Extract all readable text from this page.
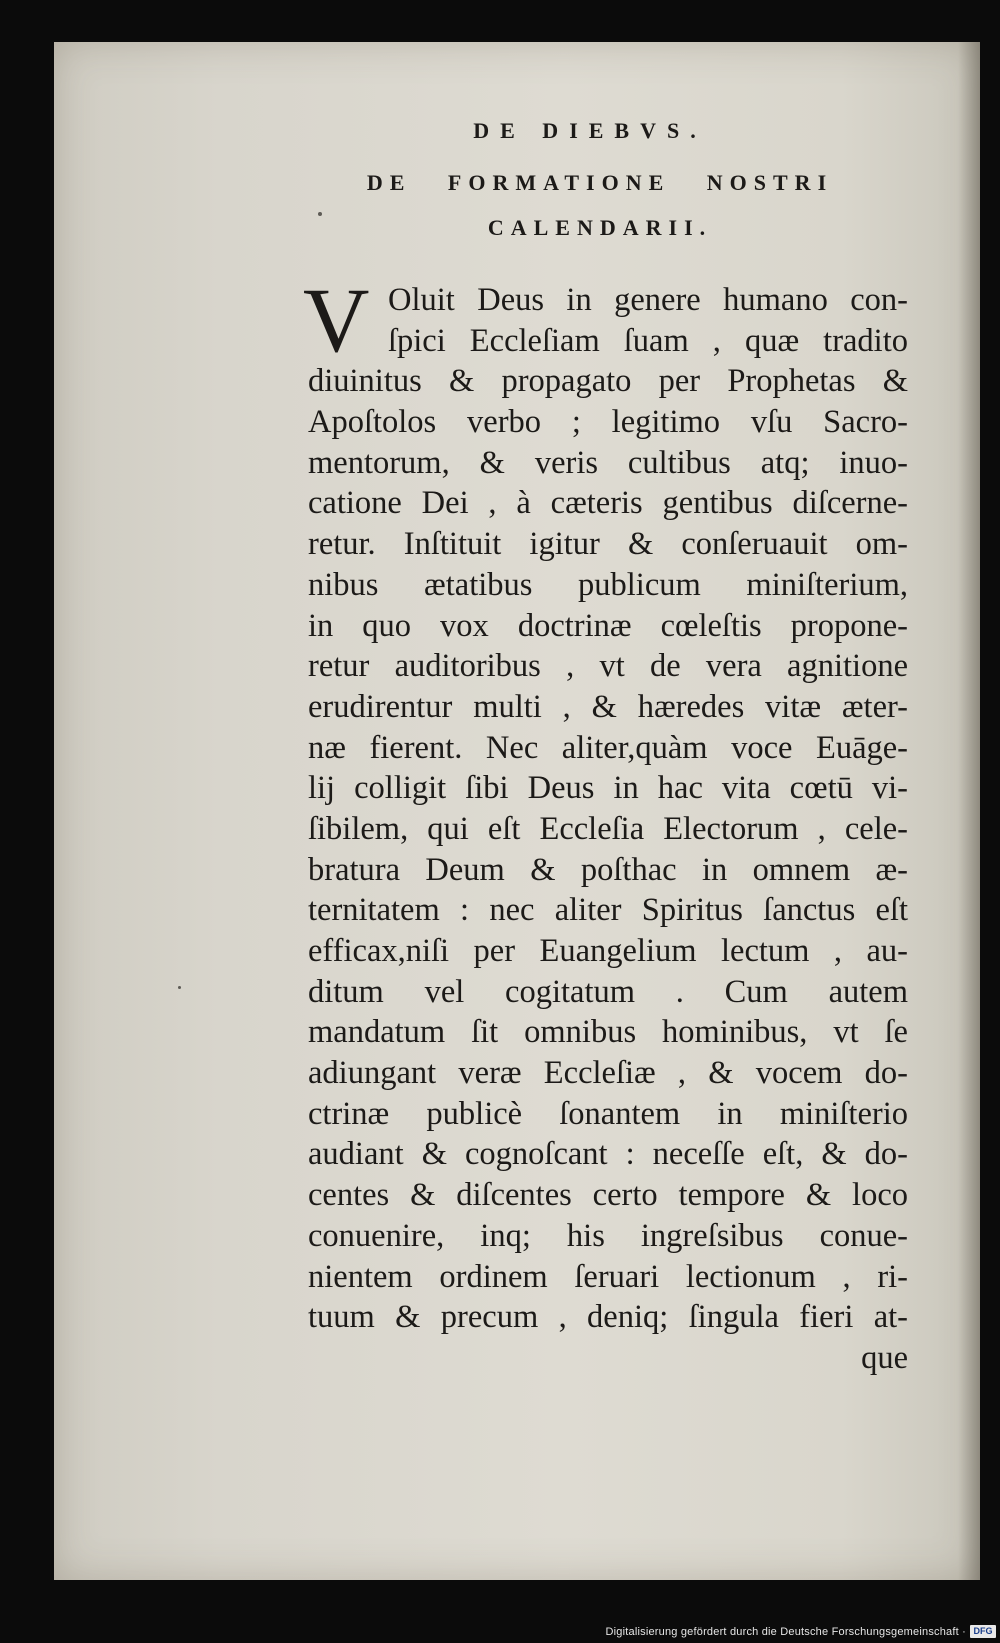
DE DIEBVS.
DE FORMATIONE NOSTRI
CALENDARII.
V Oluit Deus in genere humano con-
ſpici Eccleſiam ſuam , quæ tradito
diuinitus & propagato per Prophetas &
Apoſtolos verbo ; legitimo vſu Sacro-
mentorum, & veris cultibus atq; inuo-
catione Dei , à cæteris gentibus diſcerne-
retur. Inſtituit igitur & conſeruauit om-
nibus ætatibus publicum miniſterium,
in quo vox doctrinæ cœleſtis propone-
retur auditoribus , vt de vera agnitione
erudirentur multi , & hæredes vitæ æter-
næ fierent. Nec aliter,quàm voce Euāge-
lij colligit ſibi Deus in hac vita cœtū vi-
ſibilem, qui eſt Eccleſia Electorum , cele-
bratura Deum & poſthac in omnem æ-
ternitatem : nec aliter Spiritus ſanctus eſt
efficax,niſi per Euangelium lectum , au-
ditum vel cogitatum . Cum autem
mandatum ſit omnibus hominibus, vt ſe
adiungant veræ Eccleſiæ , & vocem do-
ctrinæ publicè ſonantem in miniſterio
audiant & cognoſcant : neceſſe eſt, & do-
centes & diſcentes certo tempore & loco
conuenire, inq; his ingreſsibus conue-
nientem ordinem ſeruari lectionum , ri-
tuum & precum , deniq; ſingula fieri at-
que
Digitalisierung gefördert durch die Deutsche Forschungsgemeinschaft · DFG
